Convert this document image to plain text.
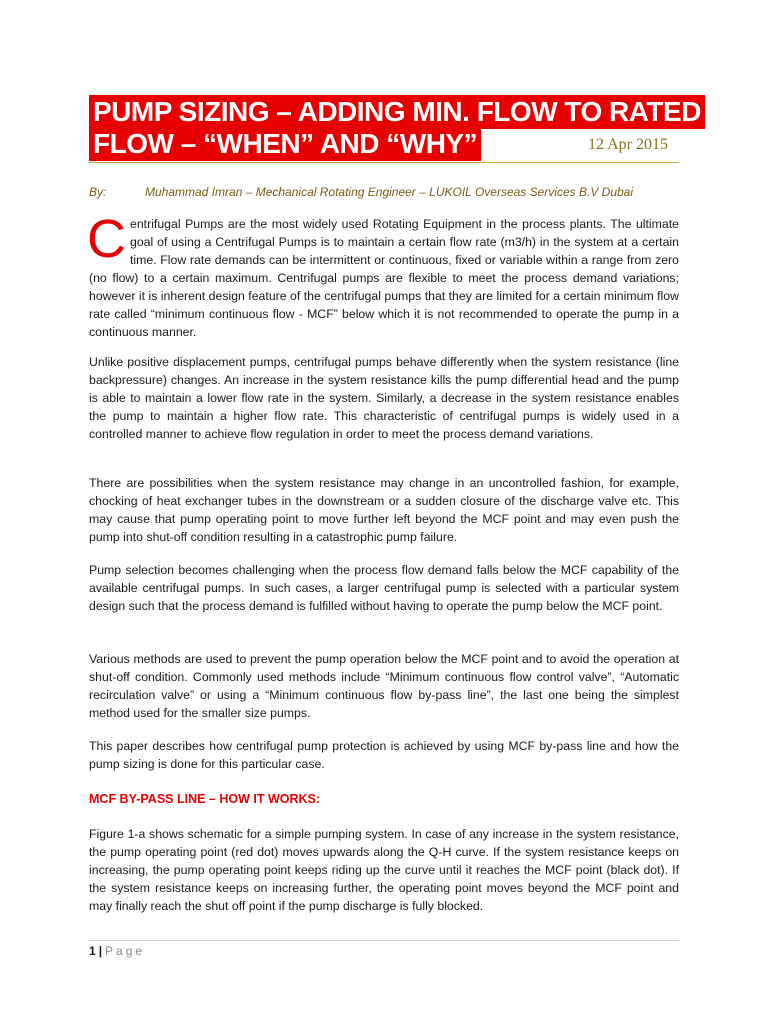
PUMP SIZING – ADDING MIN. FLOW TO RATED
FLOW – “WHEN” AND “WHY”	12 Apr 2015
By:	Muhammad Imran – Mechanical Rotating Engineer – LUKOIL Overseas Services B.V Dubai

Centrifugal Pumps are the most widely used Rotating Equipment in the process plants. The ultimate goal of using a Centrifugal Pumps is to maintain a certain flow rate (m3/h) in the system at a certain time. Flow rate demands can be intermittent or continuous, fixed or variable within a range from zero (no flow) to a certain maximum. Centrifugal pumps are flexible to meet the process demand variations; however it is inherent design feature of the centrifugal pumps that they are limited for a certain minimum flow rate called “minimum continuous flow - MCF” below which it is not recommended to operate the pump in a continuous manner.

Unlike positive displacement pumps, centrifugal pumps behave differently when the system resistance (line backpressure) changes. An increase in the system resistance kills the pump differential head and the pump is able to maintain a lower flow rate in the system. Similarly, a decrease in the system resistance enables the pump to maintain a higher flow rate. This characteristic of centrifugal pumps is widely used in a controlled manner to achieve flow regulation in order to meet the process demand variations.

There are possibilities when the system resistance may change in an uncontrolled fashion, for example, chocking of heat exchanger tubes in the downstream or a sudden closure of the discharge valve etc. This may cause that pump operating point to move further left beyond the MCF point and may even push the pump into shut-off condition resulting in a catastrophic pump failure.

Pump selection becomes challenging when the process flow demand falls below the MCF capability of the available centrifugal pumps. In such cases, a larger centrifugal pump is selected with a particular system design such that the process demand is fulfilled without having to operate the pump below the MCF point.

Various methods are used to prevent the pump operation below the MCF point and to avoid the operation at shut-off condition. Commonly used methods include “Minimum continuous flow control valve”, “Automatic recirculation valve” or using a “Minimum continuous flow by-pass line”, the last one being the simplest method used for the smaller size pumps.

This paper describes how centrifugal pump protection is achieved by using MCF by-pass line and how the pump sizing is done for this particular case.

MCF BY-PASS LINE – HOW IT WORKS:

Figure 1-a shows schematic for a simple pumping system. In case of any increase in the system resistance, the pump operating point (red dot) moves upwards along the Q-H curve. If the system resistance keeps on increasing, the pump operating point keeps riding up the curve until it reaches the MCF point (black dot). If the system resistance keeps on increasing further, the operating point moves beyond the MCF point and may finally reach the shut off point if the pump discharge is fully blocked.

1 | Page
